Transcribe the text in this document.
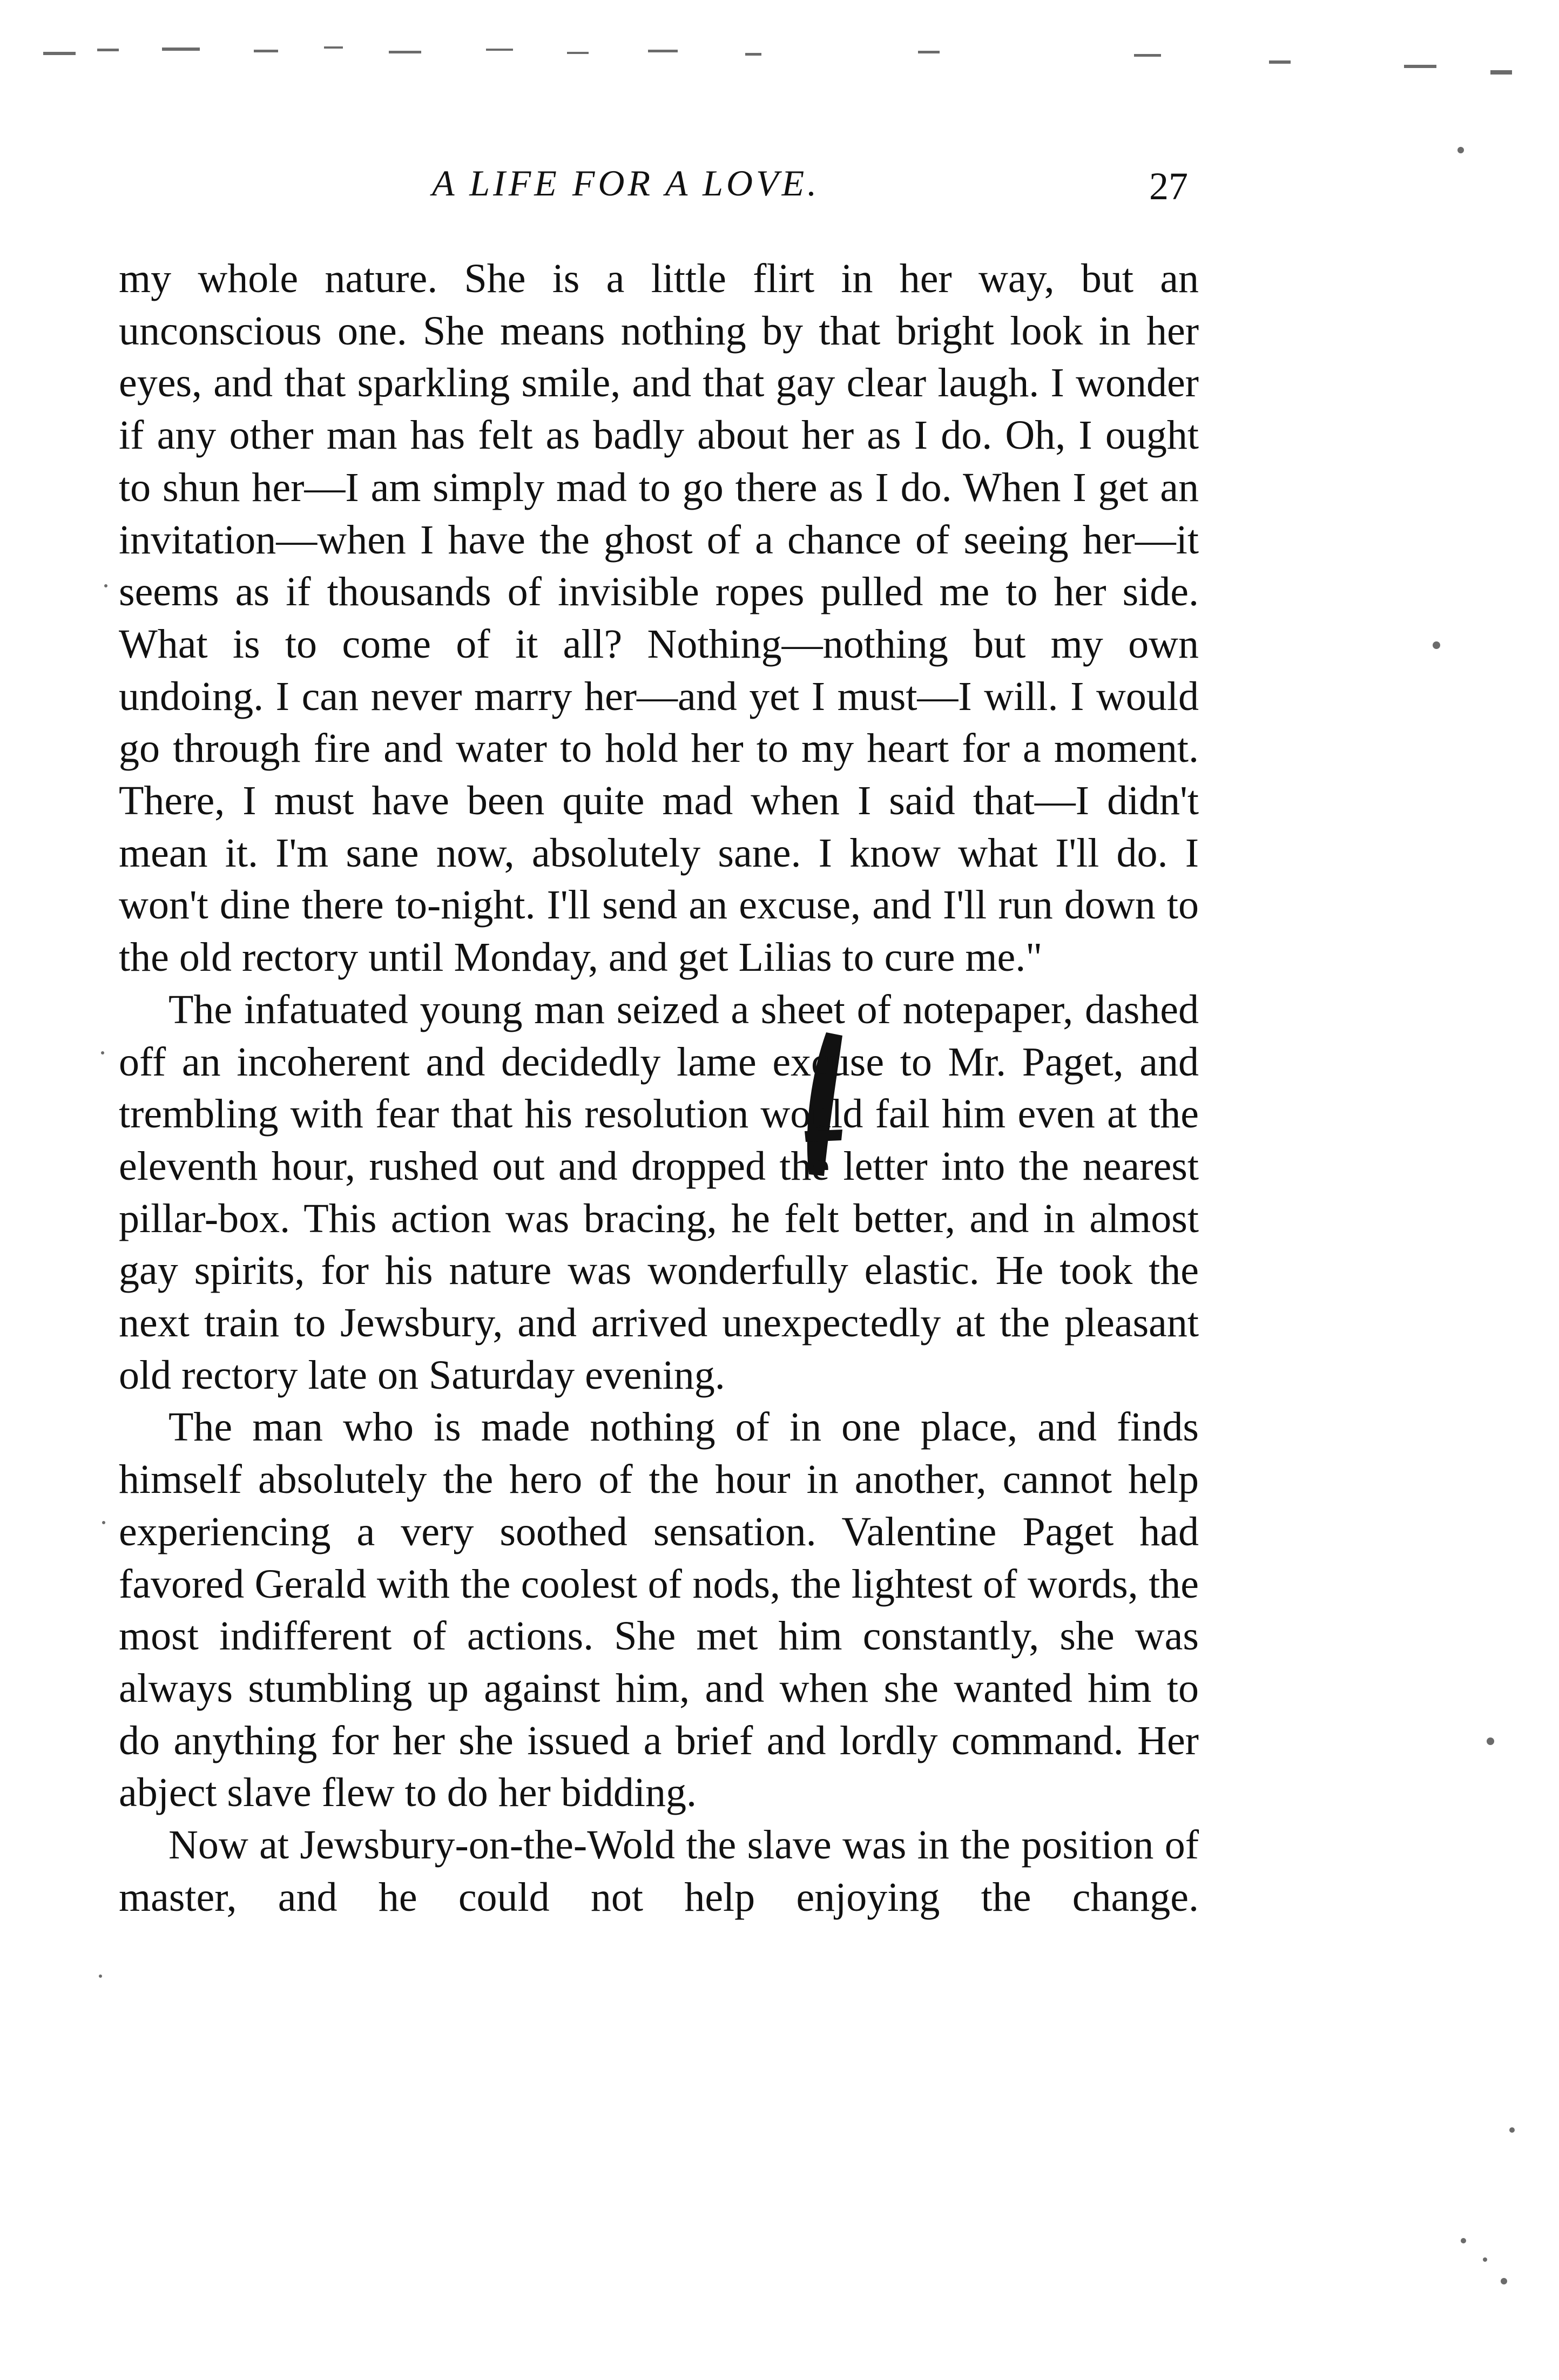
A LIFE FOR A LOVE.	27

my whole nature. She is a little flirt in her way, but an unconscious one. She means nothing by that bright look in her eyes, and that sparkling smile, and that gay clear laugh. I wonder if any other man has felt as badly about her as I do. Oh, I ought to shun her—I am simply mad to go there as I do. When I get an invitation—when I have the ghost of a chance of seeing her—it seems as if thousands of invisible ropes pulled me to her side. What is to come of it all? Nothing—nothing but my own undoing. I can never marry her—and yet I must—I will. I would go through fire and water to hold her to my heart for a moment. There, I must have been quite mad when I said that—I didn't mean it. I'm sane now, absolutely sane. I know what I'll do. I won't dine there to-night. I'll send an excuse, and I'll run down to the old rectory until Monday, and get Lilias to cure me."

The infatuated young man seized a sheet of notepaper, dashed off an incoherent and decidedly lame excuse to Mr. Paget, and trembling with fear that his resolution would fail him even at the eleventh hour, rushed out and dropped the letter into the nearest pillar-box. This action was bracing, he felt better, and in almost gay spirits, for his nature was wonderfully elastic. He took the next train to Jewsbury, and arrived unexpectedly at the pleasant old rectory late on Saturday evening.

The man who is made nothing of in one place, and finds himself absolutely the hero of the hour in another, cannot help experiencing a very soothed sensation. Valentine Paget had favored Gerald with the coolest of nods, the lightest of words, the most indifferent of actions. She met him constantly, she was always stumbling up against him, and when she wanted him to do anything for her she issued a brief and lordly command. Her abject slave flew to do her bidding.

Now at Jewsbury-on-the-Wold the slave was in the position of master, and he could not help enjoying the change.
